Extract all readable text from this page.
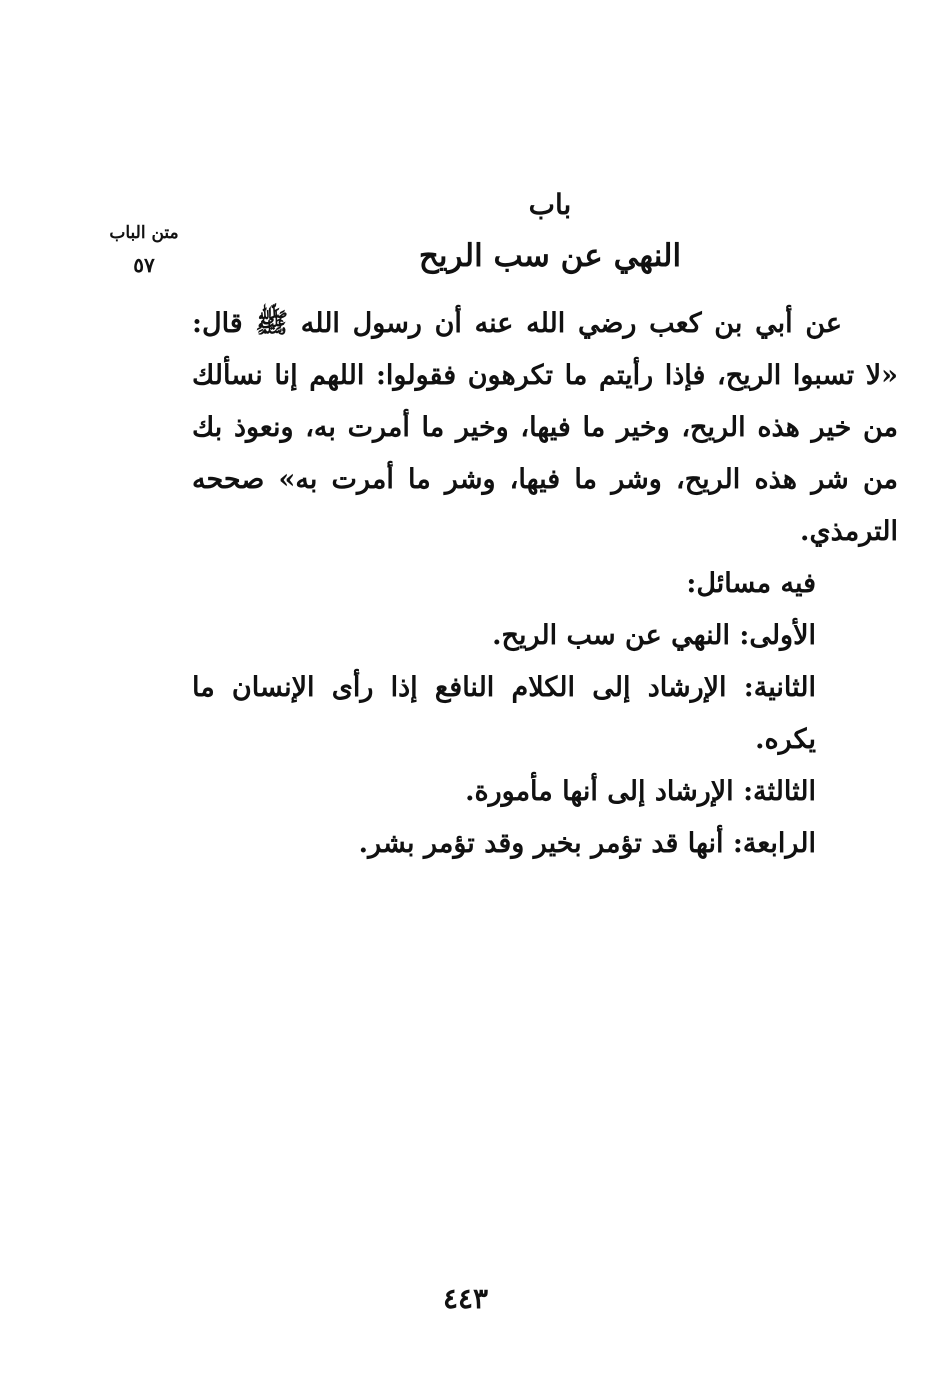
متن الباب
٥٧
باب
النهي عن سب الريح

عن أبي بن كعب رضي الله عنه أن رسول الله ﷺ قال: «لا تسبوا الريح، فإذا رأيتم ما تكرهون فقولوا: اللهم إنا نسألك من خير هذه الريح، وخير ما فيها، وخير ما أمرت به، ونعوذ بك من شر هذه الريح، وشر ما فيها، وشر ما أمرت به» صححه الترمذي.

فيه مسائل:

الأولى: النهي عن سب الريح.

الثانية: الإرشاد إلى الكلام النافع إذا رأى الإنسان ما يكره.

الثالثة: الإرشاد إلى أنها مأمورة.

الرابعة: أنها قد تؤمر بخير وقد تؤمر بشر.

٤٤٣
